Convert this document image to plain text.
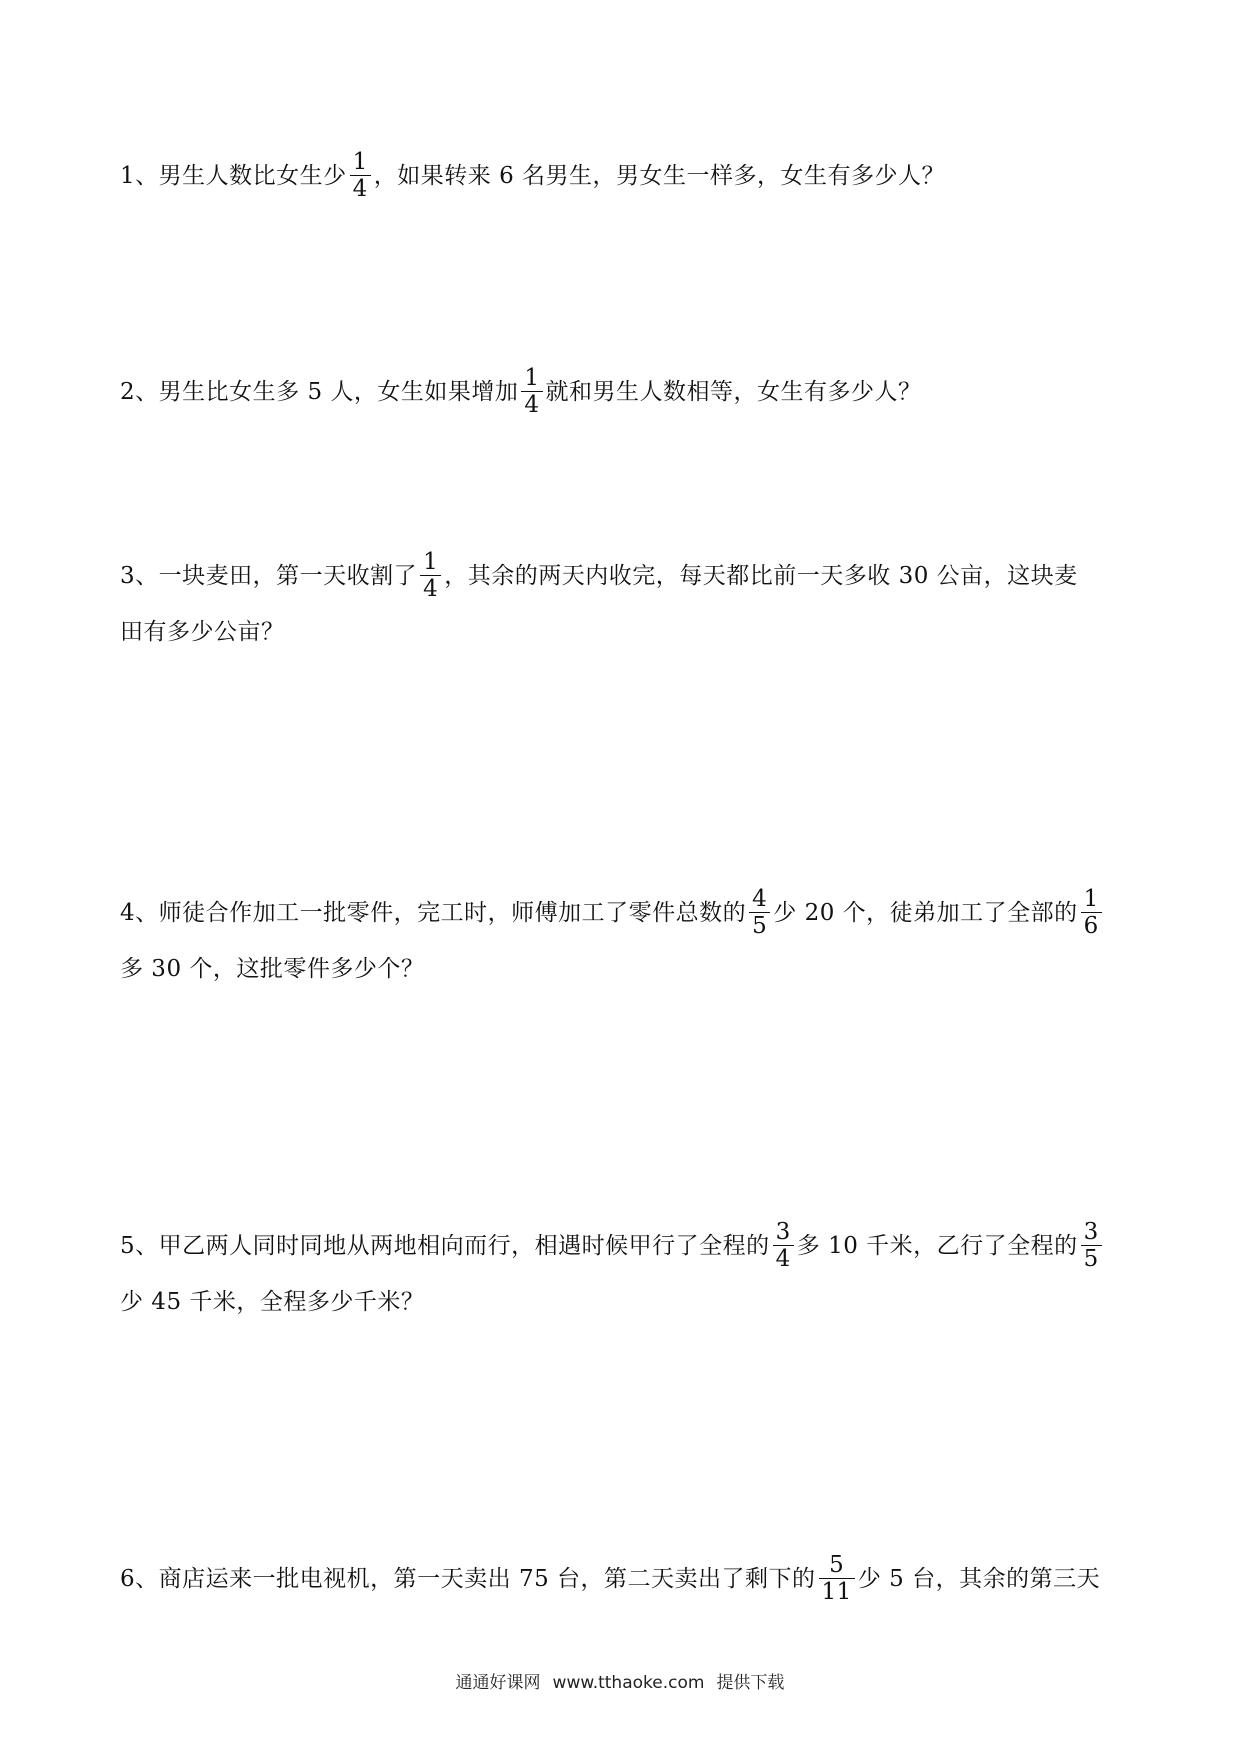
1、男生人数比女生少 $\frac{1}{4}$ ，如果转来 6 名男生，男女生一样多，女生有多少人？
2、男生比女生多 5 人，女生如果增加 $\frac{1}{4}$ 就和男生人数相等，女生有多少人？
3、一块麦田，第一天收割了 $\frac{1}{4}$ ，其余的两天内收完，每天都比前一天多收 30 公亩，这块麦
田有多少公亩？
4、师徒合作加工一批零件，完工时，师傅加工了零件总数的 $\frac{4}{5}$ 少 20 个，徒弟加工了全部的 $\frac{1}{6}$
多 30 个，这批零件多少个？
5、甲乙两人同时同地从两地相向而行，相遇时候甲行了全程的 $\frac{3}{4}$ 多 10 千米，乙行了全程的 $\frac{3}{5}$
少 45 千米，全程多少千米？
6、商店运来一批电视机，第一天卖出 75 台，第二天卖出了剩下的 $\frac{5}{11}$ 少 5 台，其余的第三天
通通好课网 www.tthaoke.com 提供下载
